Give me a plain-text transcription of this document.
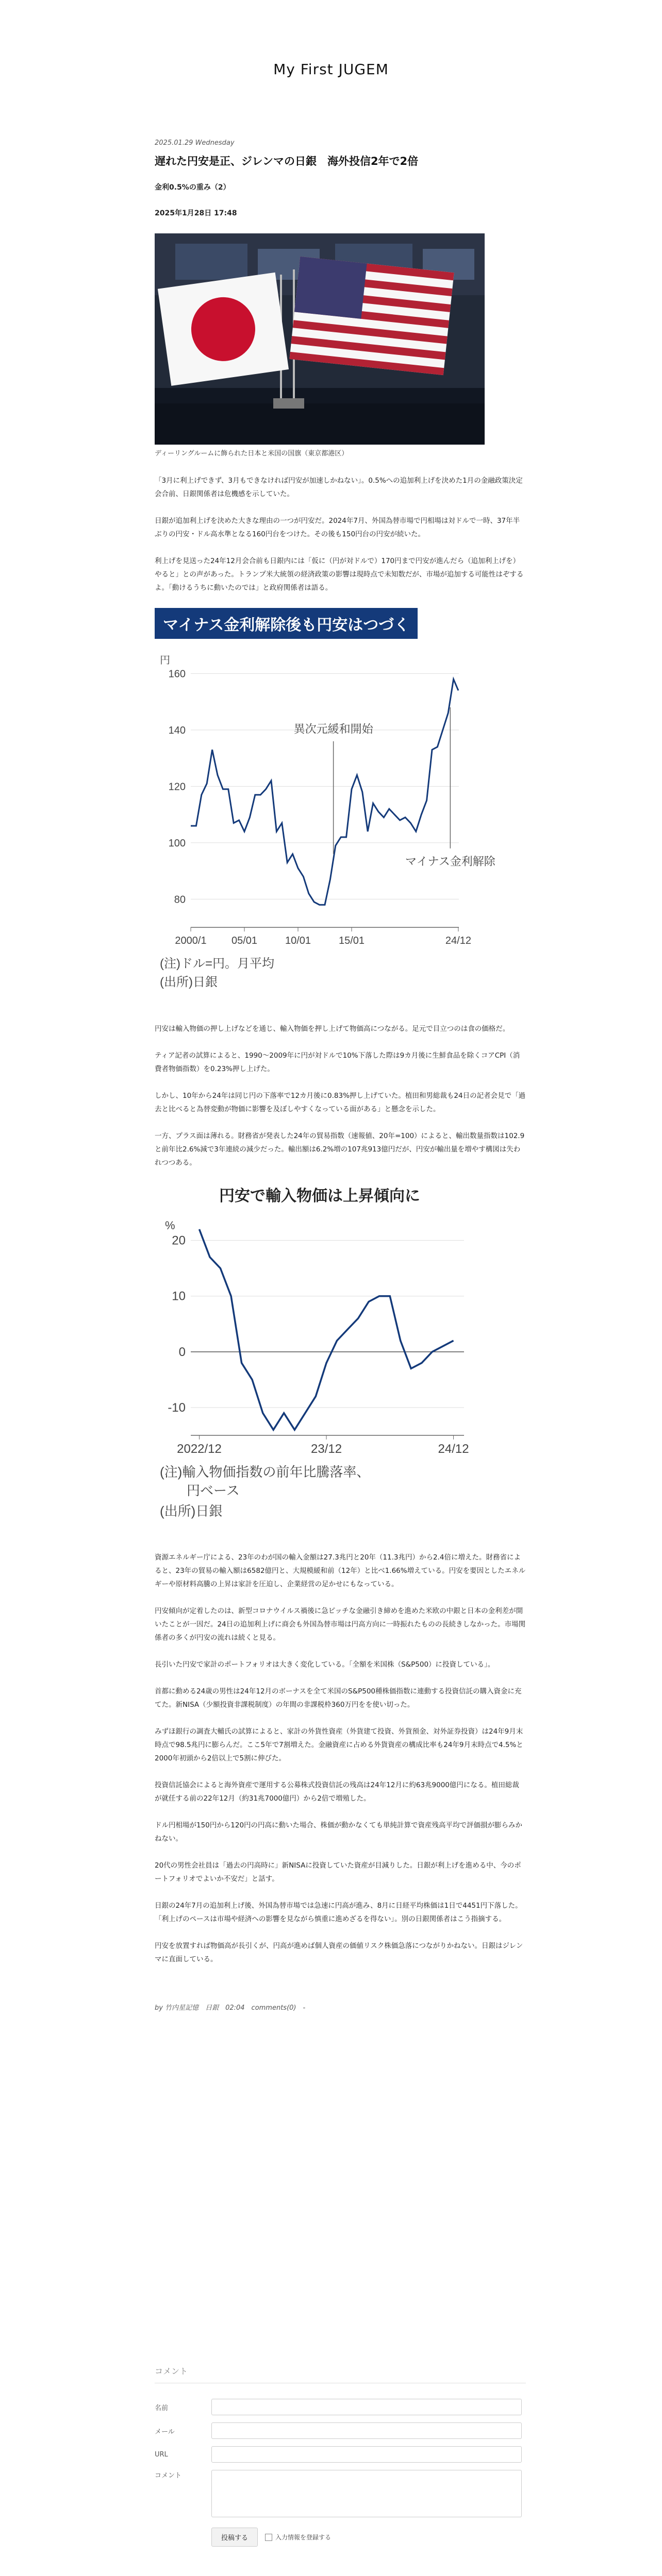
My First JUGEM
2025.01.29 Wednesday
遅れた円安是正、ジレンマの日銀　海外投信2年で2倍
金利0.5%の重み（2）
2025年1月28日 17:48
ディーリングルームに飾られた日本と米国の国旗（東京都港区）

「3月に利上げできず、3月もできなければ円安が加速しかねない」。0.5%への追加利上げを決めた1月の金融政策決定会合前、日銀関係者は危機感を示していた。

日銀が追加利上げを決めた大きな理由の一つが円安だ。2024年7月、外国為替市場で円相場は対ドルで一時、37年半ぶりの円安・ドル高水準となる160円台をつけた。その後も150円台の円安が続いた。

利上げを見送った24年12月会合前も日銀内には「仮に（円が対ドルで）170円まで円安が進んだら（追加利上げを）やると」との声があった。トランプ米大統領の経済政策の影響は現時点で未知数だが、市場が追加する可能性はぞするよ。「動けるうちに動いたのでは」と政府関係者は語る。

マイナス金利解除後も円安はつづく
円
80
100
120
140
160
2000/1 05/01	10/01	15/01	24/12
異次元緩和開始
マイナス金利解除
(注)ドル=円。月平均
(出所)日銀

円安は輸入物価の押し上げなどを通じ、輸入物価を押し上げて物価高につながる。足元で目立つのは食の価格だ。

ティア記者の試算によると、1990〜2009年に円が対ドルで10%下落した際は9カ月後に生鮮食品を除くコアCPI（消費者物価指数）を0.23%押し上げた。

しかし、10年から24年は同じ円の下落率で12カ月後に0.83%押し上げていた。植田和男総裁も24日の記者会見で「過去と比べると為替変動が物価に影響を及ぼしやすくなっている面がある」と懸念を示した。

一方、プラス面は薄れる。財務省が発表した24年の貿易指数（速報値、20年=100）によると、輸出数量指数は102.9と前年比2.6%減で3年連続の減少だった。輸出額は6.2%増の107兆913億円だが、円安が輸出量を増やす構図は失われつつある。

円安で輸入物価は上昇傾向に
%
-10
0
10
20
2022/12	23/12	24/12
(注)輸入物価指数の前年比騰落率、
円ベース
(出所)日銀

資源エネルギー庁による、23年のわが国の輸入金額は27.3兆円と20年（11.3兆円）から2.4倍に増えた。財務省によると、23年の貿易の輸入額は6582億円と、大規模緩和前（12年）と比べ1.66%増えている。円安を要因としたエネルギーや原材料高騰の上昇は家計を圧迫し、企業経営の足かせにもなっている。

円安傾向が定着したのは、新型コロナウイルス禍後に急ピッチな金融引き締めを進めた米欧の中銀と日本の金利差が開いたことが一因だ。24日の追加利上げに商会も外国為替市場は円高方向に一時振れたものの長続きしなかった。市場関係者の多くが円安の流れは続くと見る。

長引いた円安で家計のポートフォリオは大きく変化している。「全額を米国株（S&P500）に投資している」。

首都に動める24歳の男性は24年12月のボーナスを全て米国のS&P500種株価指数に連動する投資信託の購入資金に充てた。新NISA（少額投資非課税制度）の年間の非課税枠360万円をを使い切った。

みずほ銀行の調査大輔氏の試算によると、家計の外貨性資産（外貨建て投資、外貨預金、対外証券投資）は24年9月末時点で98.5兆円に膨らんだ。ここ5年で7割増えた。金融資産に占める外貨資産の構成比率も24年9月末時点で4.5%と2000年初頭から2倍以上で5割に伸びた。

投資信託協会によると海外資産で運用する公募株式投資信託の残高は24年12月に約63兆9000億円になる。植田総裁が就任する前の22年12月（約31兆7000億円）から2倍で増殖した。

ドル円相場が150円から120円の円高に動いた場合、株価が動かなくても単純計算で資産残高平均で評価損が膨らみかねない。

20代の男性会社員は「過去の円高時に」新NISAに投資していた資産が目減りした。日銀が利上げを進める中、今のポートフォリオでよいか不安だ」と話す。

日銀の24年7月の追加利上げ後、外国為替市場では急速に円高が進み、8月に日経平均株価は1日で4451円下落した。「利上げのペースは市場や経済への影響を見ながら慎重に進めざるを得ない」。別の日銀関係者はこう指摘する。

円安を放置すれば物価高が長引くが、円高が進めば個人資産の価値リスク株価急落につながりかねない。日銀はジレンマに直面している。

by 竹内星記憶　日銀　02:04　comments(0)　-
コメント
名前
メール
URL
コメント
投稿する	入力情報を登録する
